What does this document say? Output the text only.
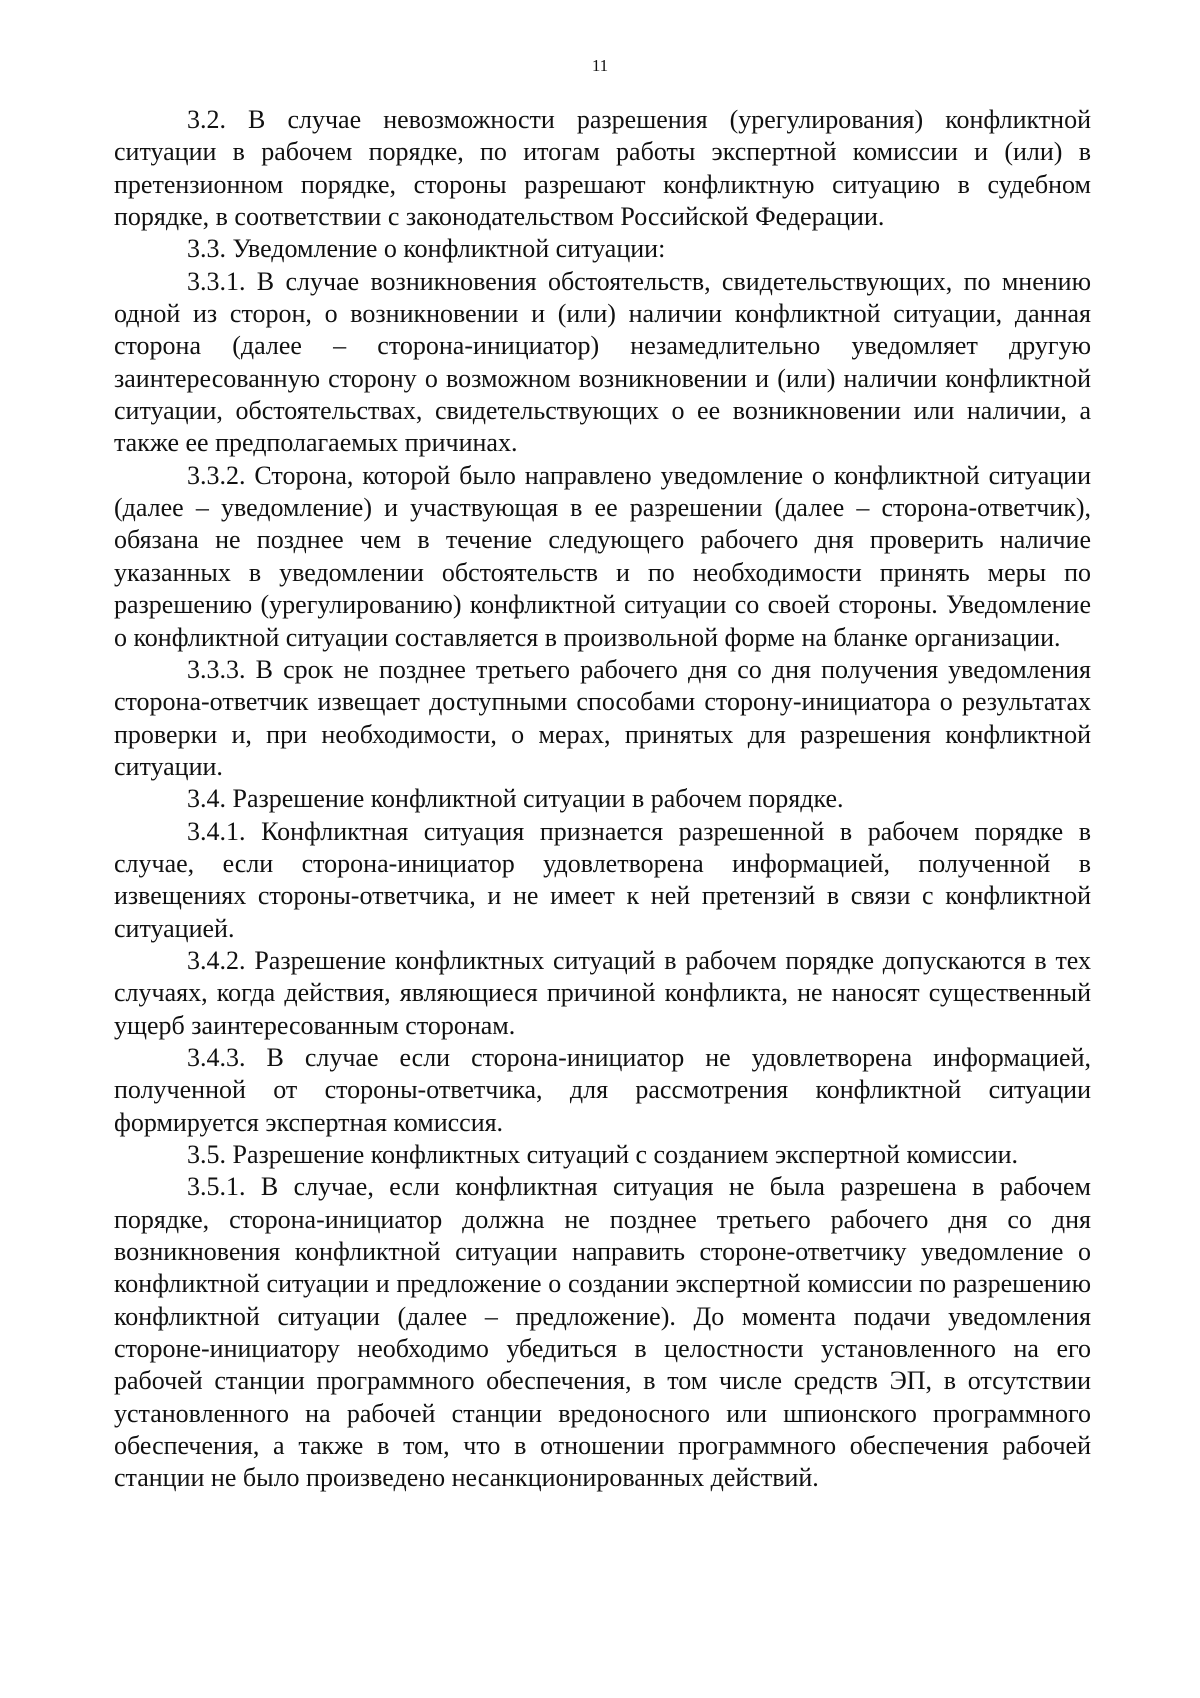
11

3.2. В случае невозможности разрешения (урегулирования) конфликтной ситуации в рабочем порядке, по итогам работы экспертной комиссии и (или) в претензионном порядке, стороны разрешают конфликтную ситуацию в судебном порядке, в соответствии с законодательством Российской Федерации.

3.3. Уведомление о конфликтной ситуации:

3.3.1. В случае возникновения обстоятельств, свидетельствующих, по мнению одной из сторон, о возникновении и (или) наличии конфликтной ситуации, данная сторона (далее – сторона-инициатор) незамедлительно уведомляет другую заинтересованную сторону о возможном возникновении и (или) наличии конфликтной ситуации, обстоятельствах, свидетельствующих о ее возникновении или наличии, а также ее предполагаемых причинах.

3.3.2. Сторона, которой было направлено уведомление о конфликтной ситуации (далее – уведомление) и участвующая в ее разрешении (далее – сторона-ответчик), обязана не позднее чем в течение следующего рабочего дня проверить наличие указанных в уведомлении обстоятельств и по необходимости принять меры по разрешению (урегулированию) конфликтной ситуации со своей стороны. Уведомление о конфликтной ситуации составляется в произвольной форме на бланке организации.

3.3.3. В срок не позднее третьего рабочего дня со дня получения уведомления сторона-ответчик извещает доступными способами сторону-инициатора о результатах проверки и, при необходимости, о мерах, принятых для разрешения конфликтной ситуации.

3.4. Разрешение конфликтной ситуации в рабочем порядке.

3.4.1. Конфликтная ситуация признается разрешенной в рабочем порядке в случае, если сторона-инициатор удовлетворена информацией, полученной в извещениях стороны-ответчика, и не имеет к ней претензий в связи с конфликтной ситуацией.

3.4.2. Разрешение конфликтных ситуаций в рабочем порядке допускаются в тех случаях, когда действия, являющиеся причиной конфликта, не наносят существенный ущерб заинтересованным сторонам.

3.4.3. В случае если сторона-инициатор не удовлетворена информацией, полученной от стороны-ответчика, для рассмотрения конфликтной ситуации формируется экспертная комиссия.

3.5. Разрешение конфликтных ситуаций с созданием экспертной комиссии.

3.5.1. В случае, если конфликтная ситуация не была разрешена в рабочем порядке, сторона-инициатор должна не позднее третьего рабочего дня со дня возникновения конфликтной ситуации направить стороне-ответчику уведомление о конфликтной ситуации и предложение о создании экспертной комиссии по разрешению конфликтной ситуации (далее – предложение). До момента подачи уведомления стороне-инициатору необходимо убедиться в целостности установленного на его рабочей станции программного обеспечения, в том числе средств ЭП, в отсутствии установленного на рабочей станции вредоносного или шпионского программного обеспечения, а также в том, что в отношении программного обеспечения рабочей станции не было произведено несанкционированных действий.
